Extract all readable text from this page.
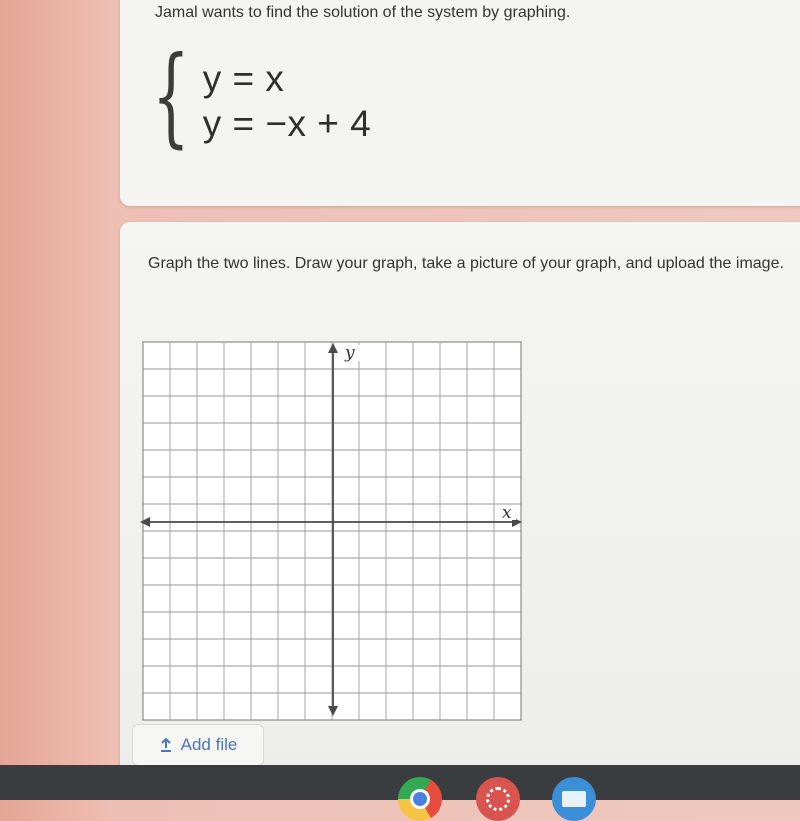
Jamal wants to find the solution of the system by graphing.

{ y = x
y = −x + 4

Graph the two lines. Draw your graph, take a picture of your graph, and upload the image.

y
x
Add file
